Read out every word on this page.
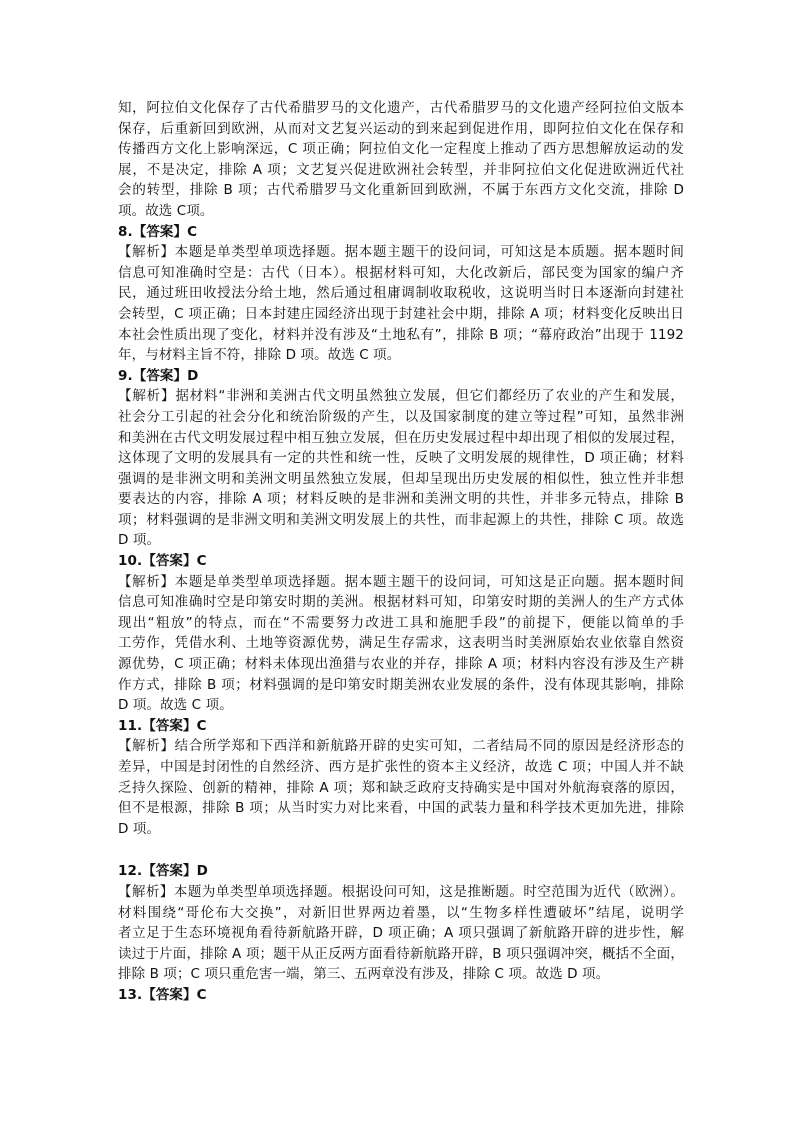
知，阿拉伯文化保存了古代希腊罗马的文化遗产，古代希腊罗马的文化遗产经阿拉伯文版本
保存，后重新回到欧洲，从而对文艺复兴运动的到来起到促进作用，即阿拉伯文化在保存和
传播西方文化上影响深远，C 项正确；阿拉伯文化一定程度上推动了西方思想解放运动的发
展，不是决定，排除 A 项；文艺复兴促进欧洲社会转型，并非阿拉伯文化促进欧洲近代社
会的转型，排除 B 项；古代希腊罗马文化重新回到欧洲，不属于东西方文化交流，排除 D
项。故选 C项。
8.【答案】C
【解析】本题是单类型单项选择题。据本题主题干的设问词，可知这是本质题。据本题时间
信息可知准确时空是：古代（日本）。根据材料可知，大化改新后，部民变为国家的编户齐
民，通过班田收授法分给土地，然后通过租庸调制收取税收，这说明当时日本逐渐向封建社
会转型，C 项正确；日本封建庄园经济出现于封建社会中期，排除 A 项；材料变化反映出日
本社会性质出现了变化，材料并没有涉及“土地私有”，排除 B 项；“幕府政治”出现于 1192
年，与材料主旨不符，排除 D 项。故选 C 项。
9.【答案】D
【解析】据材料“非洲和美洲古代文明虽然独立发展，但它们都经历了农业的产生和发展，
社会分工引起的社会分化和统治阶级的产生，以及国家制度的建立等过程”可知，虽然非洲
和美洲在古代文明发展过程中相互独立发展，但在历史发展过程中却出现了相似的发展过程，
这体现了文明的发展具有一定的共性和统一性，反映了文明发展的规律性，D 项正确；材料
强调的是非洲文明和美洲文明虽然独立发展，但却呈现出历史发展的相似性，独立性并非想
要表达的内容，排除 A 项；材料反映的是非洲和美洲文明的共性，并非多元特点，排除 B
项；材料强调的是非洲文明和美洲文明发展上的共性，而非起源上的共性，排除 C 项。故选
D 项。
10.【答案】C
【解析】本题是单类型单项选择题。据本题主题干的设问词，可知这是正向题。据本题时间
信息可知准确时空是印第安时期的美洲。根据材料可知，印第安时期的美洲人的生产方式体
现出“粗放”的特点，而在“不需要努力改进工具和施肥手段”的前提下，便能以简单的手
工劳作，凭借水利、土地等资源优势，满足生存需求，这表明当时美洲原始农业依靠自然资
源优势，C 项正确；材料未体现出渔猎与农业的并存，排除 A 项；材料内容没有涉及生产耕
作方式，排除 B 项；材料强调的是印第安时期美洲农业发展的条件，没有体现其影响，排除
D 项。故选 C 项。
11.【答案】C
【解析】结合所学郑和下西洋和新航路开辟的史实可知，二者结局不同的原因是经济形态的
差异，中国是封闭性的自然经济、西方是扩张性的资本主义经济，故选 C 项；中国人并不缺
乏持久探险、创新的精神，排除 A 项；郑和缺乏政府支持确实是中国对外航海衰落的原因，
但不是根源，排除 B 项；从当时实力对比来看，中国的武装力量和科学技术更加先进，排除
D 项。
12.【答案】D
【解析】本题为单类型单项选择题。根据设问可知，这是推断题。时空范围为近代（欧洲）。
材料围绕“哥伦布大交换”，对新旧世界两边着墨，以“生物多样性遭破坏”结尾，说明学
者立足于生态环境视角看待新航路开辟，D 项正确；A 项只强调了新航路开辟的进步性，解
读过于片面，排除 A 项；题干从正反两方面看待新航路开辟，B 项只强调冲突，概括不全面，
排除 B 项；C 项只重危害一端，第三、五两章没有涉及，排除 C 项。故选 D 项。
13.【答案】C
